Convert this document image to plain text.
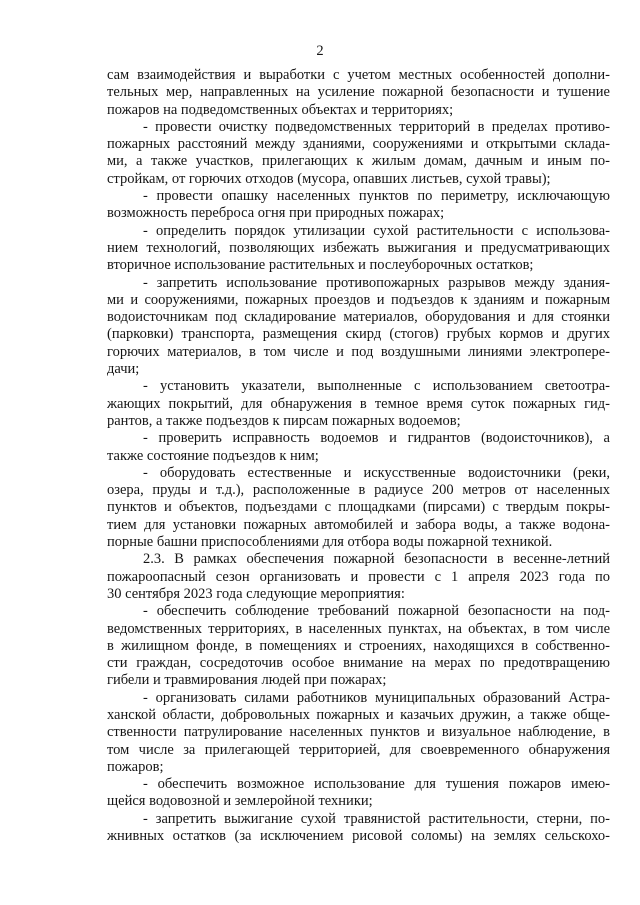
2
сам взаимодействия и выработки с учетом местных особенностей дополни-
тельных мер, направленных на усиление пожарной безопасности и тушение
пожаров на подведомственных объектах и территориях;
- провести очистку подведомственных территорий в пределах противо-
пожарных расстояний между зданиями, сооружениями и открытыми склада-
ми, а также участков, прилегающих к жилым домам, дачным и иным по-
стройкам, от горючих отходов (мусора, опавших листьев, сухой травы);
- провести опашку населенных пунктов по периметру, исключающую
возможность переброса огня при природных пожарах;
- определить порядок утилизации сухой растительности с использова-
нием технологий, позволяющих избежать выжигания и предусматривающих
вторичное использование растительных и послеуборочных остатков;
- запретить использование противопожарных разрывов между здания-
ми и сооружениями, пожарных проездов и подъездов к зданиям и пожарным
водоисточникам под складирование материалов, оборудования и для стоянки
(парковки) транспорта, размещения скирд (стогов) грубых кормов и других
горючих материалов, в том числе и под воздушными линиями электропере-
дачи;
- установить указатели, выполненные с использованием светоотра-
жающих покрытий, для обнаружения в темное время суток пожарных гид-
рантов, а также подъездов к пирсам пожарных водоемов;
- проверить исправность водоемов и гидрантов (водоисточников), а
также состояние подъездов к ним;
- оборудовать естественные и искусственные водоисточники (реки,
озера, пруды и т.д.), расположенные в радиусе 200 метров от населенных
пунктов и объектов, подъездами с площадками (пирсами) с твердым покры-
тием для установки пожарных автомобилей и забора воды, а также водона-
порные башни приспособлениями для отбора воды пожарной техникой.
2.3. В рамках обеспечения пожарной безопасности в весенне-летний
пожароопасный сезон организовать и провести с 1 апреля 2023 года по
30 сентября 2023 года следующие мероприятия:
- обеспечить соблюдение требований пожарной безопасности на под-
ведомственных территориях, в населенных пунктах, на объектах, в том числе
в жилищном фонде, в помещениях и строениях, находящихся в собственно-
сти граждан, сосредоточив особое внимание на мерах по предотвращению
гибели и травмирования людей при пожарах;
- организовать силами работников муниципальных образований Астра-
ханской области, добровольных пожарных и казачьих дружин, а также обще-
ственности патрулирование населенных пунктов и визуальное наблюдение, в
том числе за прилегающей территорией, для своевременного обнаружения
пожаров;
- обеспечить возможное использование для тушения пожаров имею-
щейся водовозной и землеройной техники;
- запретить выжигание сухой травянистой растительности, стерни, по-
жнивных остатков (за исключением рисовой соломы) на землях сельскохо-
